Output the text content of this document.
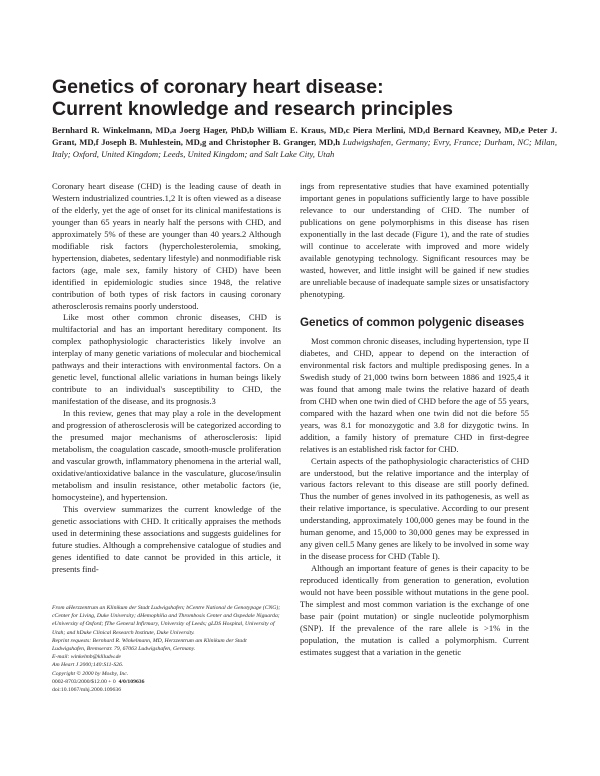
Genetics of coronary heart disease:
Current knowledge and research principles
Bernhard R. Winkelmann, MD,a Joerg Hager, PhD,b William E. Kraus, MD,c Piera Merlini, MD,d Bernard Keavney, MD,e Peter J. Grant, MD,f Joseph B. Muhlestein, MD,g and Christopher B. Granger, MD,h Ludwigshafen, Germany; Evry, France; Durham, NC; Milan, Italy; Oxford, United Kingdom; Leeds, United Kingdom; and Salt Lake City, Utah

Coronary heart disease (CHD) is the leading cause of death in Western industrialized countries.1,2 It is often viewed as a disease of the elderly, yet the age of onset for its clinical manifestations is younger than 65 years in nearly half the persons with CHD, and approximately 5% of these are younger than 40 years.2 Although modifiable risk factors (hypercholesterolemia, smoking, hypertension, diabetes, sedentary lifestyle) and nonmodifiable risk factors (age, male sex, family history of CHD) have been identified in epidemiologic studies since 1948, the relative contribution of both types of risk factors in causing coronary atherosclerosis remains poorly understood.

Like most other common chronic diseases, CHD is multifactorial and has an important hereditary component. Its complex pathophysiologic characteristics likely involve an interplay of many genetic variations of molecular and biochemical pathways and their interactions with environmental factors. On a genetic level, functional allelic variations in human beings likely contribute to an individual's susceptibility to CHD, the manifestation of the disease, and its prognosis.3

In this review, genes that may play a role in the development and progression of atherosclerosis will be categorized according to the presumed major mechanisms of atherosclerosis: lipid metabolism, the coagulation cascade, smooth-muscle proliferation and vascular growth, inflammatory phenomena in the arterial wall, oxidative/antioxidative balance in the vasculature, glucose/insulin metabolism and insulin resistance, other metabolic factors (ie, homocysteine), and hypertension.

This overview summarizes the current knowledge of the genetic associations with CHD. It critically appraises the methods used in determining these associations and suggests guidelines for future studies. Although a comprehensive catalogue of studies and genes identified to date cannot be provided in this article, it presents find-

From aHerzzentrum an Klinikum der Stadt Ludwigshafen; bCentre National de Genotypage (CNG); cCenter for Living, Duke University; dHemophilia and Thrombosis Center and Ospedale Niguarda; eUniversity of Oxford; fThe General Infirmary, University of Leeds; gLDS Hospital, University of Utah; and hDuke Clinical Research Institute, Duke University.
Reprint requests: Bernhard R. Winkelmann, MD, Herzzentrum am Klinikum der Stadt Ludwigshafen, Bremserstr. 79, 67063 Ludwigshafen, Germany.
E-mail: winkelmb@kliludw.de
Am Heart J 2000;140:S11-S26.
Copyright © 2000 by Mosby, Inc.
0002-8703/2000/$12.00 + 0 4/0/109636
doi:10.1067/mhj.2000.109636

ings from representative studies that have examined potentially important genes in populations sufficiently large to have possible relevance to our understanding of CHD. The number of publications on gene polymorphisms in this disease has risen exponentially in the last decade (Figure 1), and the rate of studies will continue to accelerate with improved and more widely available genotyping technology. Significant resources may be wasted, however, and little insight will be gained if new studies are unreliable because of inadequate sample sizes or unsatisfactory phenotyping.

Genetics of common polygenic diseases

Most common chronic diseases, including hypertension, type II diabetes, and CHD, appear to depend on the interaction of environmental risk factors and multiple predisposing genes. In a Swedish study of 21,000 twins born between 1886 and 1925,4 it was found that among male twins the relative hazard of death from CHD when one twin died of CHD before the age of 55 years, compared with the hazard when one twin did not die before 55 years, was 8.1 for monozygotic and 3.8 for dizygotic twins. In addition, a family history of premature CHD in first-degree relatives is an established risk factor for CHD.

Certain aspects of the pathophysiologic characteristics of CHD are understood, but the relative importance and the interplay of various factors relevant to this disease are still poorly defined. Thus the number of genes involved in its pathogenesis, as well as their relative importance, is speculative. According to our present understanding, approximately 100,000 genes may be found in the human genome, and 15,000 to 30,000 genes may be expressed in any given cell.5 Many genes are likely to be involved in some way in the disease process for CHD (Table I).

Although an important feature of genes is their capacity to be reproduced identically from generation to generation, evolution would not have been possible without mutations in the gene pool. The simplest and most common variation is the exchange of one base pair (point mutation) or single nucleotide polymorphism (SNP). If the prevalence of the rare allele is >1% in the population, the mutation is called a polymorphism. Current estimates suggest that a variation in the genetic
